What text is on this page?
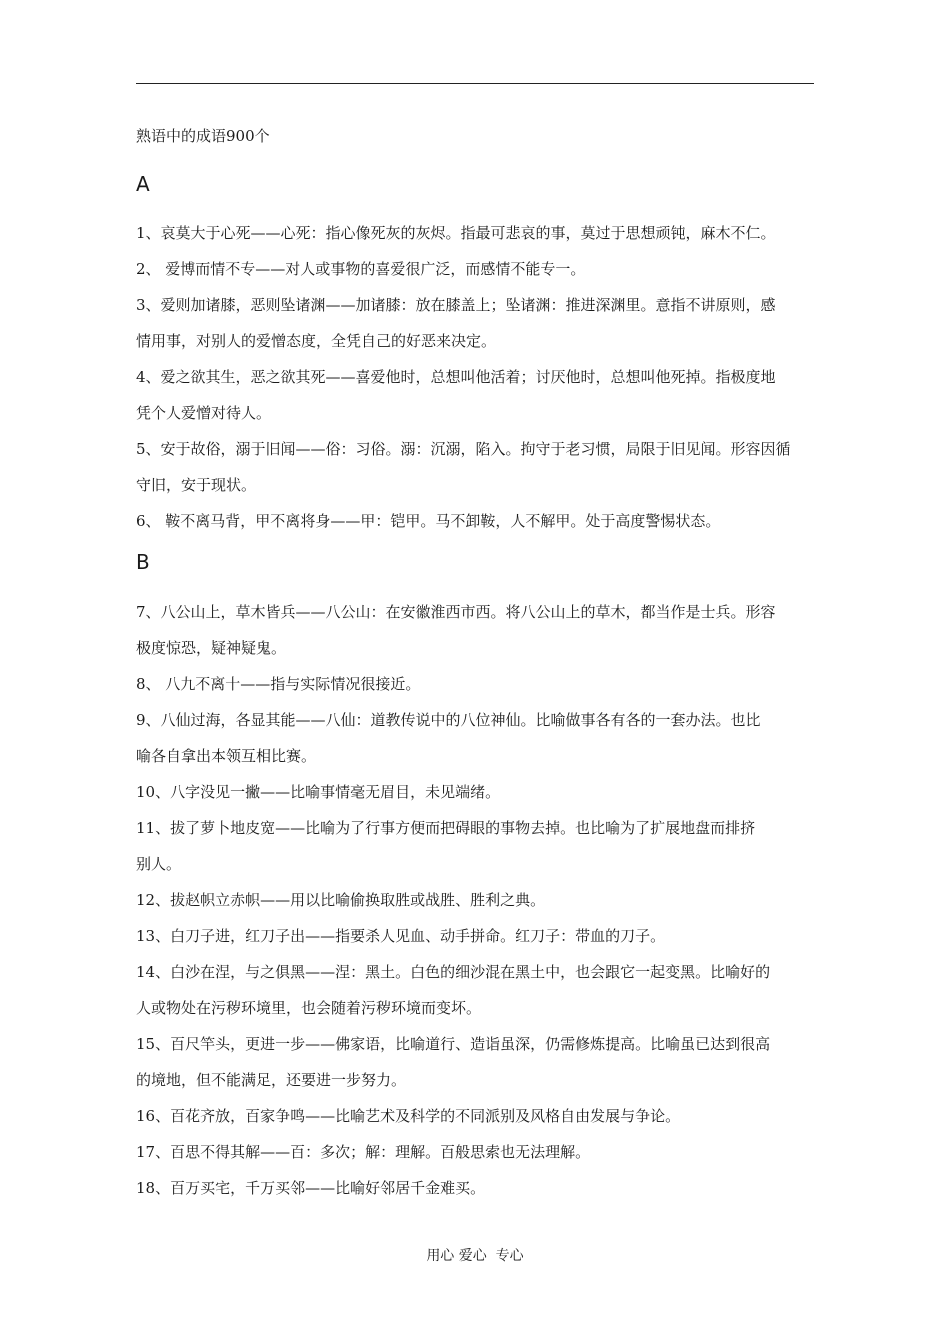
熟语中的成语900个
A
1、哀莫大于心死——心死：指心像死灰的灰烬。指最可悲哀的事，莫过于思想顽钝，麻木不仁。
2、 爱博而情不专——对人或事物的喜爱很广泛，而感情不能专一。
3、爱则加诸膝，恶则坠诸渊——加诸膝：放在膝盖上；坠诸渊：推进深渊里。意指不讲原则，感
情用事，对别人的爱憎态度，全凭自己的好恶来决定。
4、爱之欲其生，恶之欲其死——喜爱他时，总想叫他活着；讨厌他时，总想叫他死掉。指极度地
凭个人爱憎对待人。
5、安于故俗，溺于旧闻——俗：习俗。溺：沉溺，陷入。拘守于老习惯，局限于旧见闻。形容因循
守旧，安于现状。
6、 鞍不离马背，甲不离将身——甲：铠甲。马不卸鞍，人不解甲。处于高度警惕状态。
B
7、八公山上，草木皆兵——八公山：在安徽淮西市西。将八公山上的草木，都当作是士兵。形容
极度惊恐，疑神疑鬼。
8、 八九不离十——指与实际情况很接近。
9、八仙过海，各显其能——八仙：道教传说中的八位神仙。比喻做事各有各的一套办法。也比
喻各自拿出本领互相比赛。
10、八字没见一撇——比喻事情毫无眉目，未见端绪。
11、拔了萝卜地皮宽——比喻为了行事方便而把碍眼的事物去掉。也比喻为了扩展地盘而排挤
别人。
12、拔赵帜立赤帜——用以比喻偷换取胜或战胜、胜利之典。
13、白刀子进，红刀子出——指要杀人见血、动手拼命。红刀子：带血的刀子。
14、白沙在涅，与之俱黑——涅：黑土。白色的细沙混在黑土中，也会跟它一起变黑。比喻好的
人或物处在污秽环境里，也会随着污秽环境而变坏。
15、百尺竿头，更进一步——佛家语，比喻道行、造诣虽深，仍需修炼提高。比喻虽已达到很高
的境地，但不能满足，还要进一步努力。
16、百花齐放，百家争鸣——比喻艺术及科学的不同派别及风格自由发展与争论。
17、百思不得其解——百：多次；解：理解。百般思索也无法理解。
18、百万买宅，千万买邻——比喻好邻居千金难买。
用心 爱心  专心
